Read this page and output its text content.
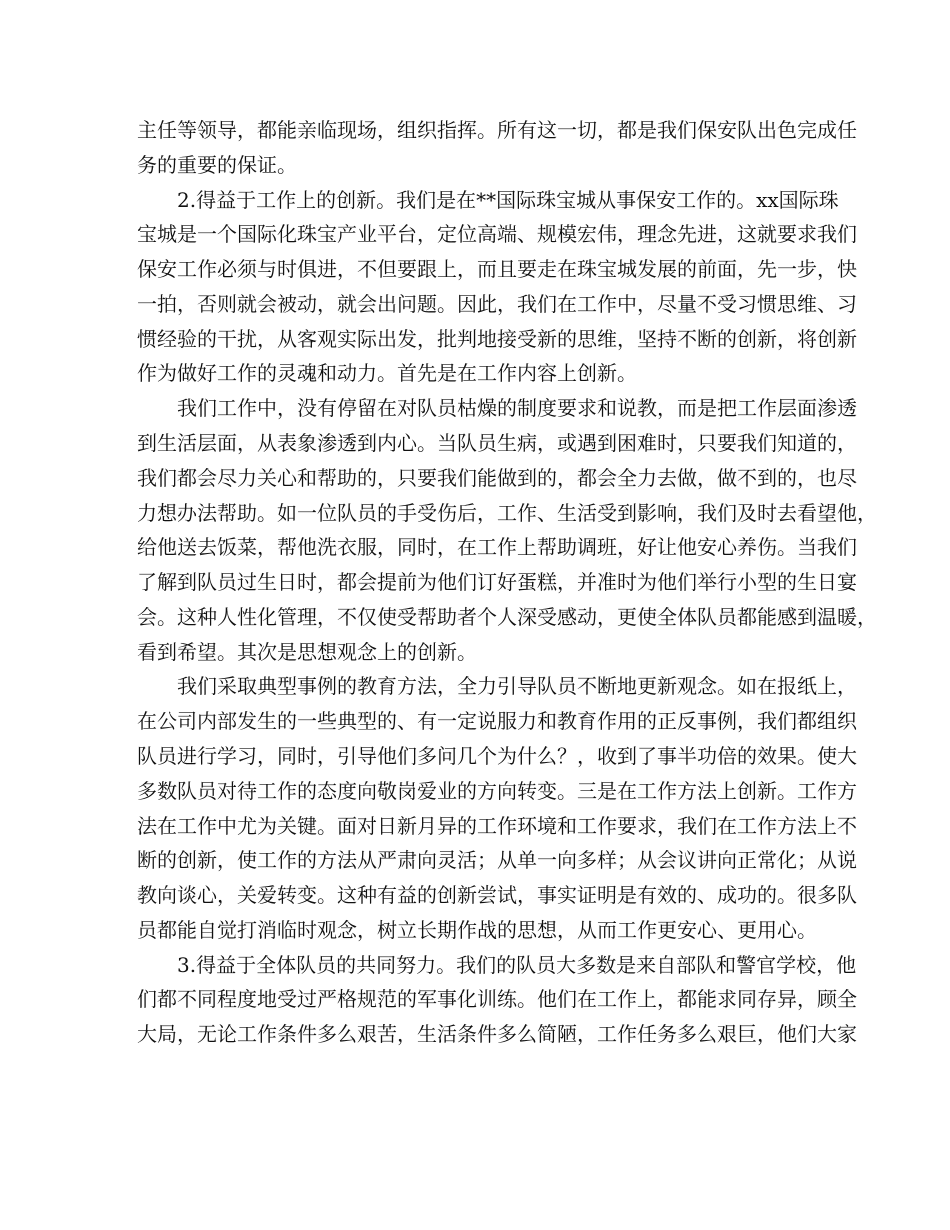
主任等领导，都能亲临现场，组织指挥。所有这一切，都是我们保安队出色完成任
务的重要的保证。
2.得益于工作上的创新。我们是在**国际珠宝城从事保安工作的。xx国际珠
宝城是一个国际化珠宝产业平台，定位高端、规模宏伟，理念先进，这就要求我们
保安工作必须与时俱进，不但要跟上，而且要走在珠宝城发展的前面，先一步，快
一拍，否则就会被动，就会出问题。因此，我们在工作中，尽量不受习惯思维、习
惯经验的干扰，从客观实际出发，批判地接受新的思维，坚持不断的创新，将创新
作为做好工作的灵魂和动力。首先是在工作内容上创新。
我们工作中，没有停留在对队员枯燥的制度要求和说教，而是把工作层面渗透
到生活层面，从表象渗透到内心。当队员生病，或遇到困难时，只要我们知道的，
我们都会尽力关心和帮助的，只要我们能做到的，都会全力去做，做不到的，也尽
力想办法帮助。如一位队员的手受伤后，工作、生活受到影响，我们及时去看望他，
给他送去饭菜，帮他洗衣服，同时，在工作上帮助调班，好让他安心养伤。当我们
了解到队员过生日时，都会提前为他们订好蛋糕，并准时为他们举行小型的生日宴
会。这种人性化管理，不仅使受帮助者个人深受感动，更使全体队员都能感到温暖，
看到希望。其次是思想观念上的创新。
我们采取典型事例的教育方法，全力引导队员不断地更新观念。如在报纸上，
在公司内部发生的一些典型的、有一定说服力和教育作用的正反事例，我们都组织
队员进行学习，同时，引导他们多问几个为什么？，收到了事半功倍的效果。使大
多数队员对待工作的态度向敬岗爱业的方向转变。三是在工作方法上创新。工作方
法在工作中尤为关键。面对日新月异的工作环境和工作要求，我们在工作方法上不
断的创新，使工作的方法从严肃向灵活；从单一向多样；从会议讲向正常化；从说
教向谈心，关爱转变。这种有益的创新尝试，事实证明是有效的、成功的。很多队
员都能自觉打消临时观念，树立长期作战的思想，从而工作更安心、更用心。
3.得益于全体队员的共同努力。我们的队员大多数是来自部队和警官学校，他
们都不同程度地受过严格规范的军事化训练。他们在工作上，都能求同存异，顾全
大局，无论工作条件多么艰苦，生活条件多么简陋，工作任务多么艰巨，他们大家
